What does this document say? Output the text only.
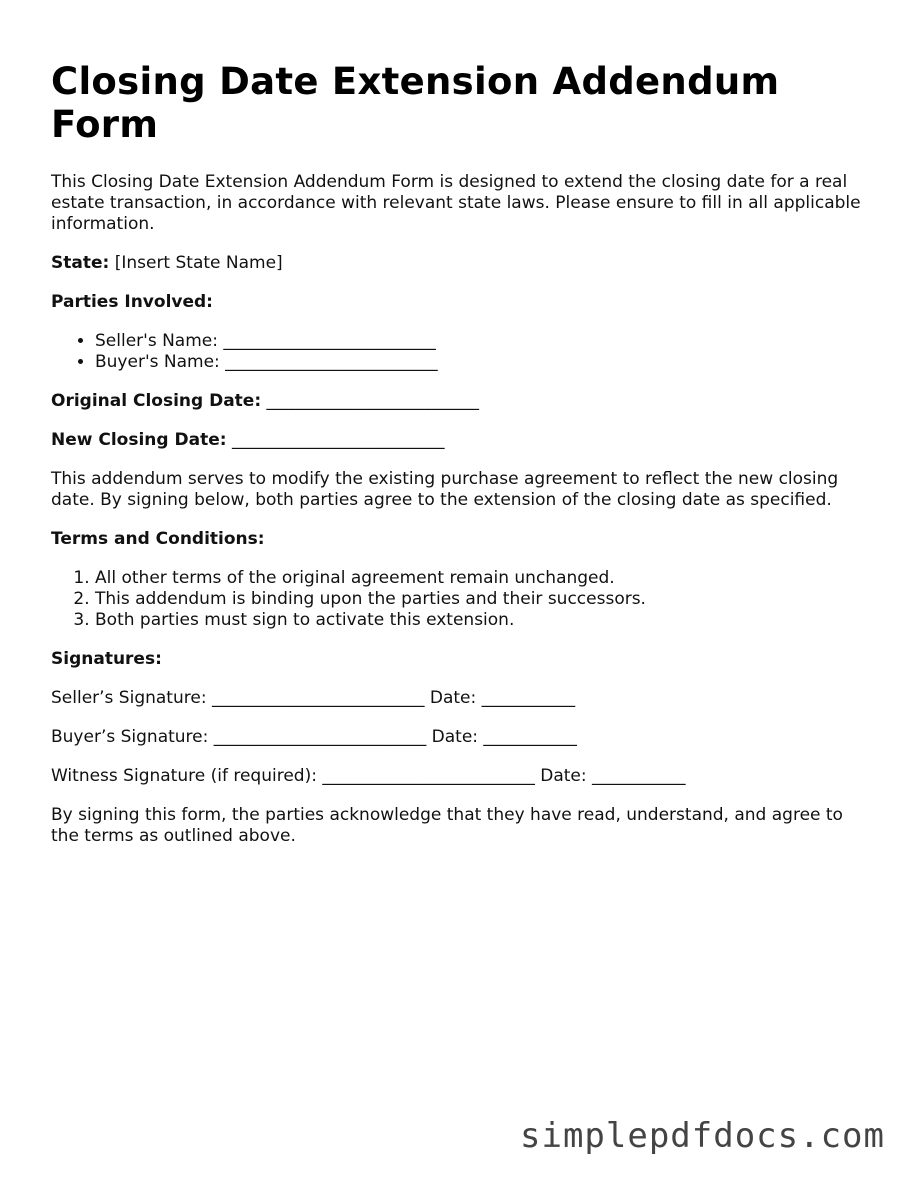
Closing Date Extension Addendum Form

This Closing Date Extension Addendum Form is designed to extend the closing date for a real estate transaction, in accordance with relevant state laws. Please ensure to fill in all applicable information.

State: [Insert State Name]

Parties Involved:

• Seller's Name: _________________________
• Buyer's Name: _________________________

Original Closing Date: _________________________

New Closing Date: _________________________

This addendum serves to modify the existing purchase agreement to reflect the new closing date. By signing below, both parties agree to the extension of the closing date as specified.

Terms and Conditions:

1. All other terms of the original agreement remain unchanged.
2. This addendum is binding upon the parties and their successors.
3. Both parties must sign to activate this extension.

Signatures:

Seller’s Signature: _________________________ Date: ___________

Buyer’s Signature: _________________________ Date: ___________

Witness Signature (if required): _________________________ Date: ___________

By signing this form, the parties acknowledge that they have read, understand, and agree to the terms as outlined above.

simplepdfdocs.com
